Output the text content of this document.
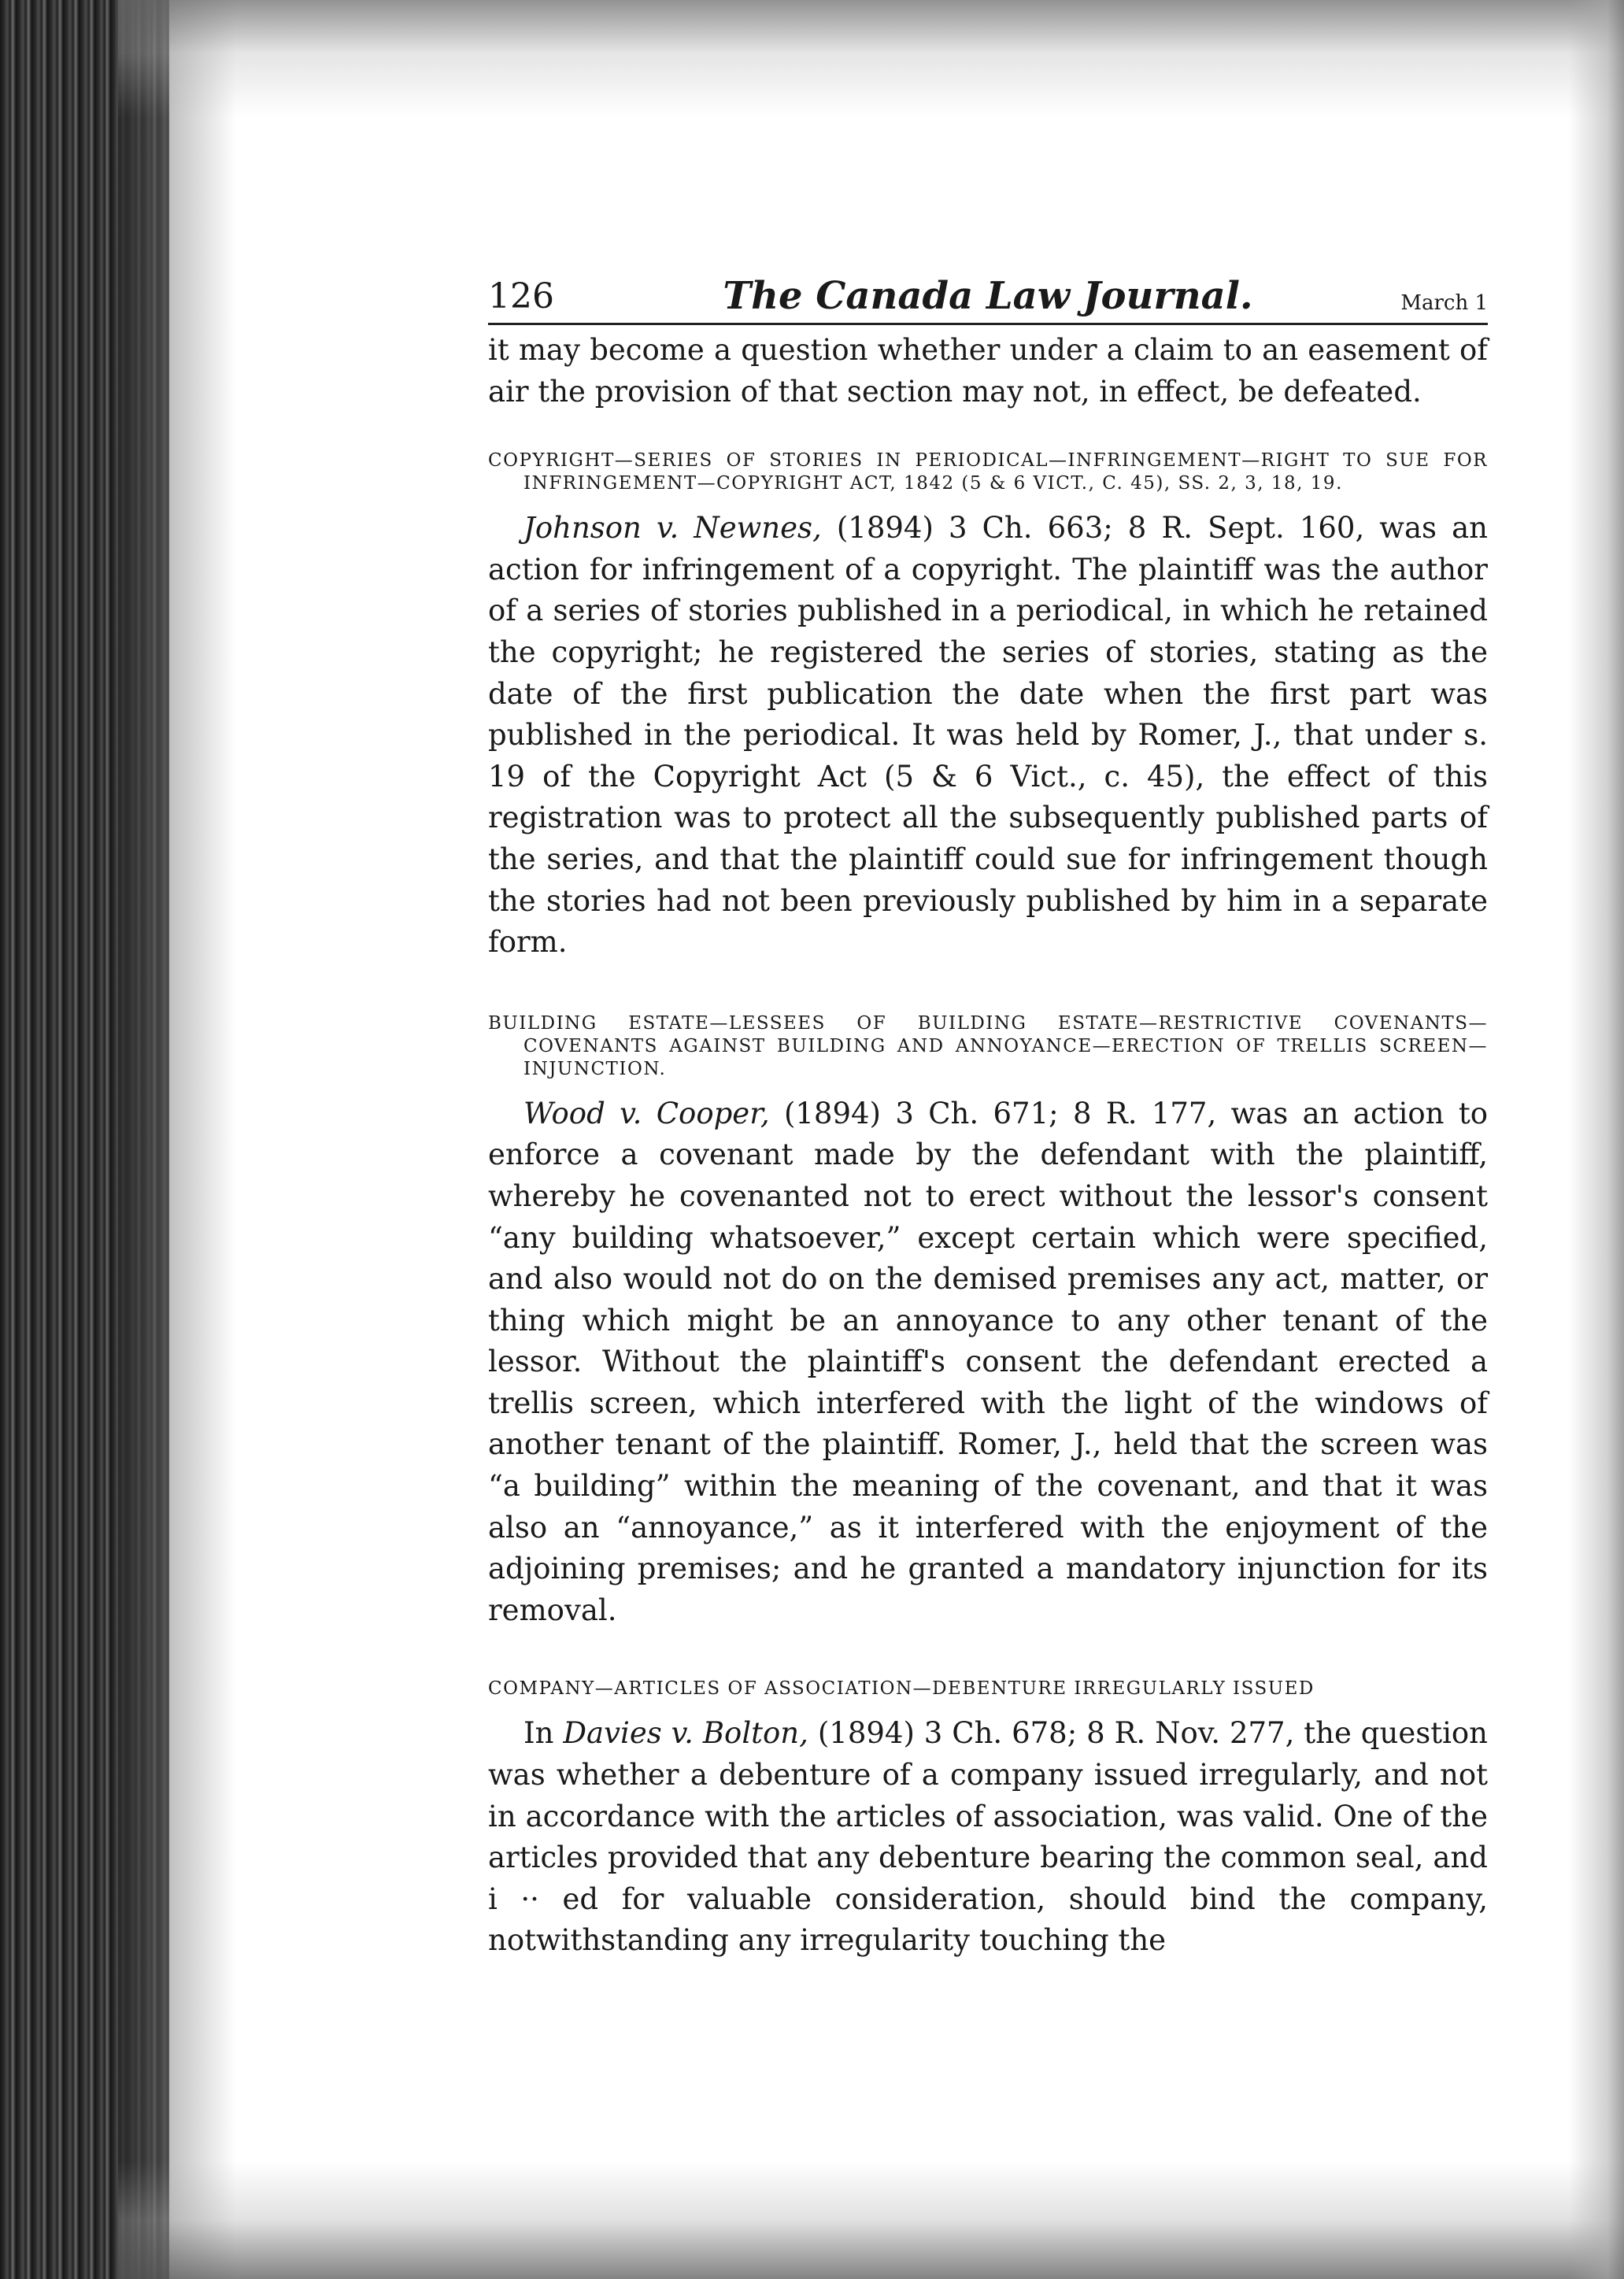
126	The Canada Law Journal.	March 1

it may become a question whether under a claim to an easement of air the provision of that section may not, in effect, be defeated.

COPYRIGHT—SERIES OF STORIES IN PERIODICAL—INFRINGEMENT—RIGHT TO SUE FOR INFRINGEMENT—COPYRIGHT ACT, 1842 (5 & 6 VICT., C. 45), SS. 2, 3, 18, 19.

Johnson v. Newnes, (1894) 3 Ch. 663; 8 R. Sept. 160, was an action for infringement of a copyright. The plaintiff was the author of a series of stories published in a periodical, in which he retained the copyright; he registered the series of stories, stating as the date of the first publication the date when the first part was published in the periodical. It was held by Romer, J., that under s. 19 of the Copyright Act (5 & 6 Vict., c. 45), the effect of this registration was to protect all the subsequently published parts of the series, and that the plaintiff could sue for infringement though the stories had not been previously published by him in a separate form.

BUILDING ESTATE—LESSEES OF BUILDING ESTATE—RESTRICTIVE COVENANTS—COVENANTS AGAINST BUILDING AND ANNOYANCE—ERECTION OF TRELLIS SCREEN—INJUNCTION.

Wood v. Cooper, (1894) 3 Ch. 671; 8 R. 177, was an action to enforce a covenant made by the defendant with the plaintiff, whereby he covenanted not to erect without the lessor's consent “any building whatsoever,” except certain which were specified, and also would not do on the demised premises any act, matter, or thing which might be an annoyance to any other tenant of the lessor. Without the plaintiff's consent the defendant erected a trellis screen, which interfered with the light of the windows of another tenant of the plaintiff. Romer, J., held that the screen was “a building” within the meaning of the covenant, and that it was also an “annoyance,” as it interfered with the enjoyment of the adjoining premises; and he granted a mandatory injunction for its removal.

COMPANY—ARTICLES OF ASSOCIATION—DEBENTURE IRREGULARLY ISSUED

In Davies v. Bolton, (1894) 3 Ch. 678; 8 R. Nov. 277, the question was whether a debenture of a company issued irregularly, and not in accordance with the articles of association, was valid. One of the articles provided that any debenture bearing the common seal, and i ·· ed for valuable consideration, should bind the company, notwithstanding any irregularity touching the
